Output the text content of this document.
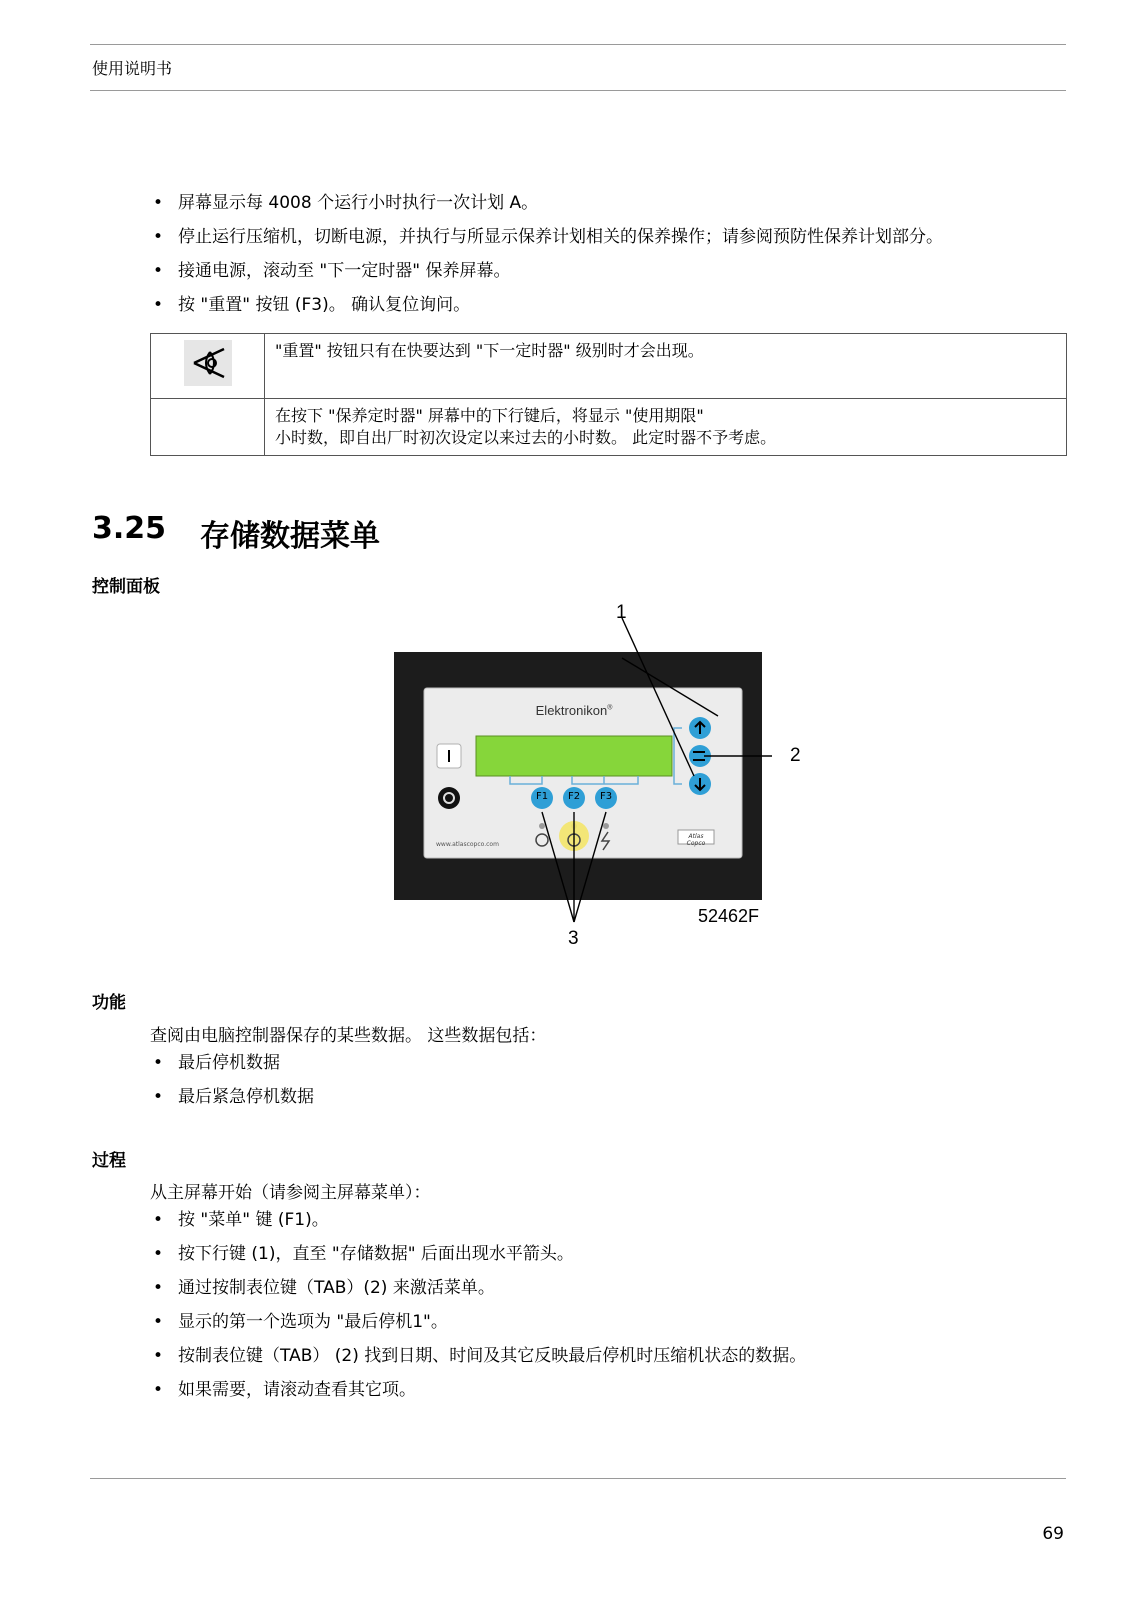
使用说明书
• 屏幕显示每 4008 个运行小时执行一次计划 A。
• 停止运行压缩机，切断电源，并执行与所显示保养计划相关的保养操作；请参阅预防性保养计划部分。
• 接通电源，滚动至 "下一定时器" 保养屏幕。
• 按 "重置" 按钮 (F3)。 确认复位询问。
	"重置" 按钮只有在快要达到 "下一定时器" 级别时才会出现。

	在按下 "保养定时器" 屏幕中的下行键后，将显示 "使用期限"
小时数，即自出厂时初次设定以来过去的小时数。 此定时器不予考虑。
3.25 存储数据菜单
控制面板
Elektronikon®
F1 F2 F3
www.atlascopco.com
Atlas Copco
1
2
3
52462F
功能
查阅由电脑控制器保存的某些数据。 这些数据包括：
• 最后停机数据
• 最后紧急停机数据
过程
从主屏幕开始（请参阅主屏幕菜单）：
• 按 "菜单" 键 (F1)。
• 按下行键 (1)，直至 "存储数据" 后面出现水平箭头。
• 通过按制表位键（TAB）(2) 来激活菜单。
• 显示的第一个选项为 "最后停机1"。
• 按制表位键（TAB） (2) 找到日期、时间及其它反映最后停机时压缩机状态的数据。
• 如果需要，请滚动查看其它项。
69
